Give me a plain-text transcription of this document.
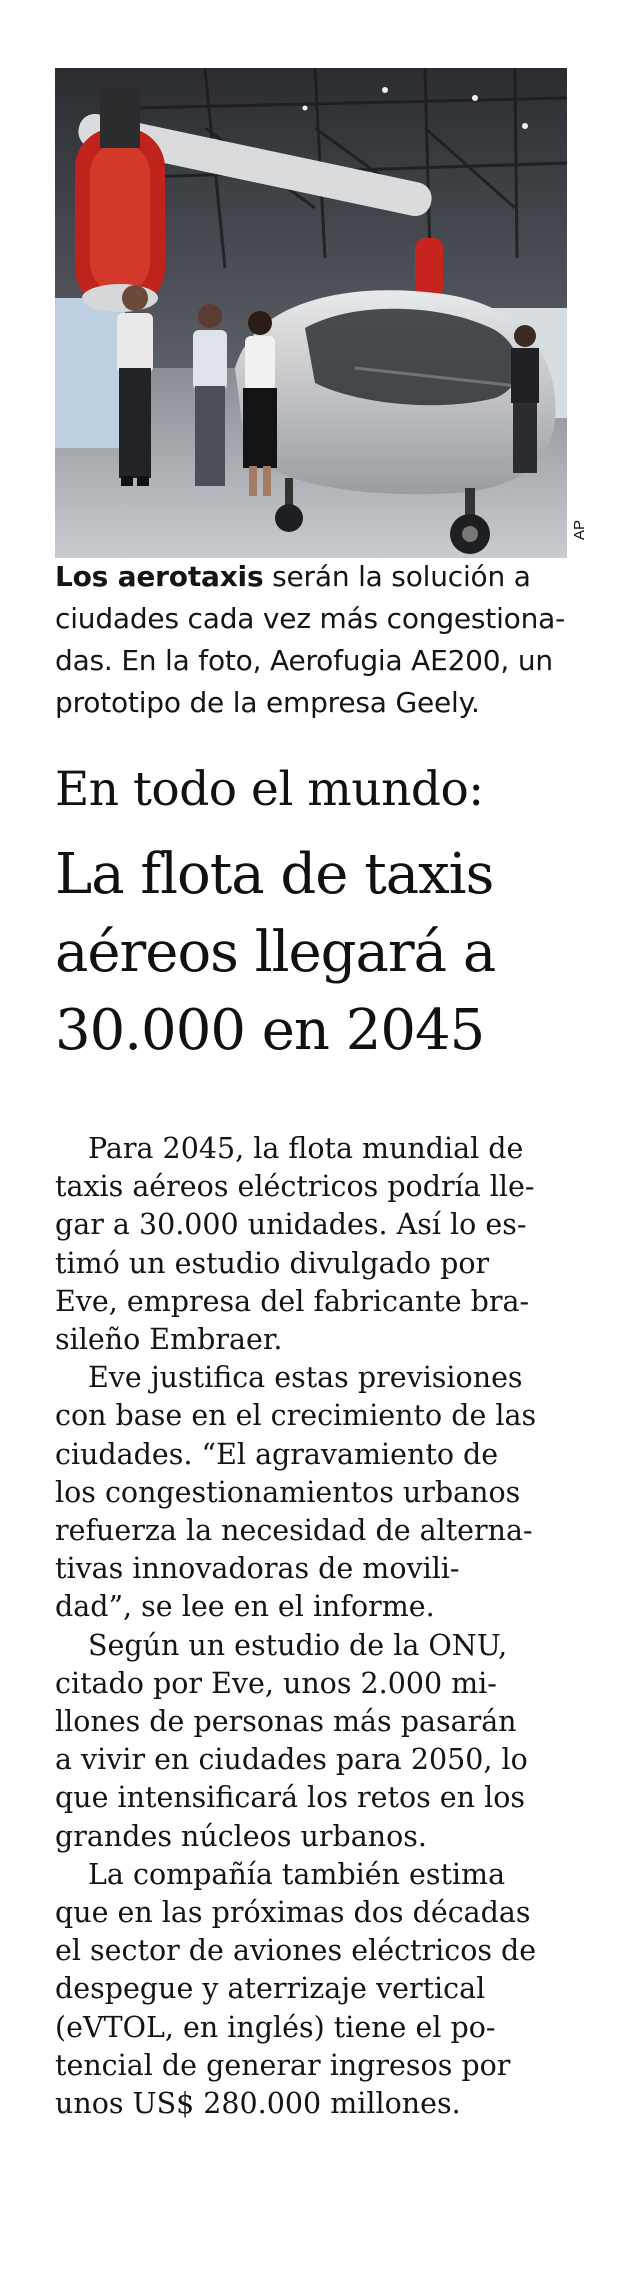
AP
Los aerotaxis serán la solución a
ciudades cada vez más congestiona-
das. En la foto, Aerofugia AE200, un
prototipo de la empresa Geely.
En todo el mundo:
La flota de taxis
aéreos llegará a
30.000 en 2045

Para 2045, la flota mundial de
taxis aéreos eléctricos podría lle-
gar a 30.000 unidades. Así lo es-
timó un estudio divulgado por
Eve, empresa del fabricante bra-
sileño Embraer.

Eve justifica estas previsiones
con base en el crecimiento de las
ciudades. “El agravamiento de
los congestionamientos urbanos
refuerza la necesidad de alterna-
tivas innovadoras de movili-
dad”, se lee en el informe.

Según un estudio de la ONU,
citado por Eve, unos 2.000 mi-
llones de personas más pasarán
a vivir en ciudades para 2050, lo
que intensificará los retos en los
grandes núcleos urbanos.

La compañía también estima
que en las próximas dos décadas
el sector de aviones eléctricos de
despegue y aterrizaje vertical
(eVTOL, en inglés) tiene el po-
tencial de generar ingresos por
unos US$ 280.000 millones.
